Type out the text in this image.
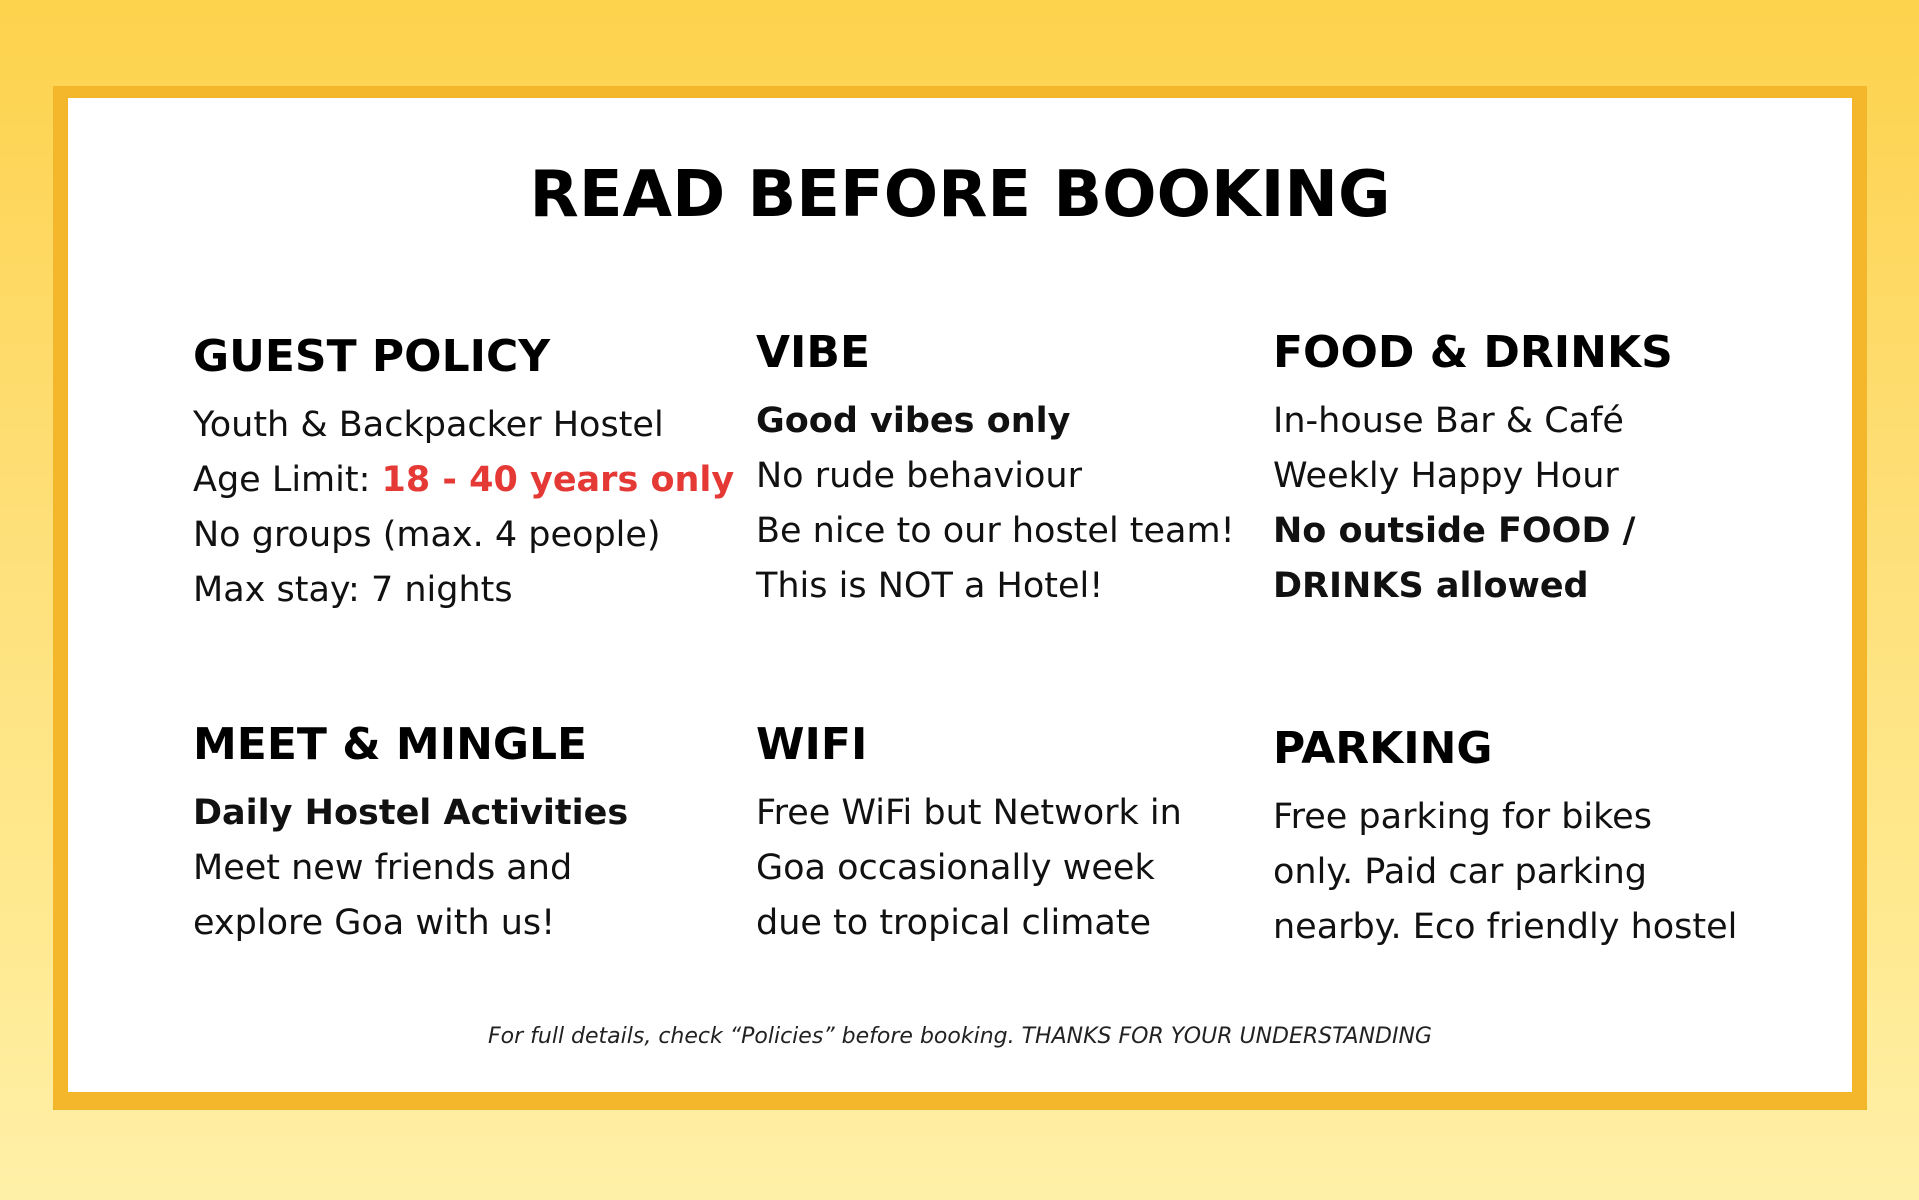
READ BEFORE BOOKING
GUEST POLICY
Youth & Backpacker Hostel
Age Limit: 18 - 40 years only
No groups (max. 4 people)
Max stay: 7 nights
VIBE
Good vibes only
No rude behaviour
Be nice to our hostel team!
This is NOT a Hotel!
FOOD & DRINKS
In-house Bar & Café
Weekly Happy Hour
No outside FOOD /
DRINKS allowed
MEET & MINGLE
Daily Hostel Activities
Meet new friends and
explore Goa with us!
WIFI
Free WiFi but Network in
Goa occasionally week
due to tropical climate
PARKING
Free parking for bikes
only. Paid car parking
nearby. Eco friendly hostel
For full details, check “Policies” before booking. THANKS FOR YOUR UNDERSTANDING
